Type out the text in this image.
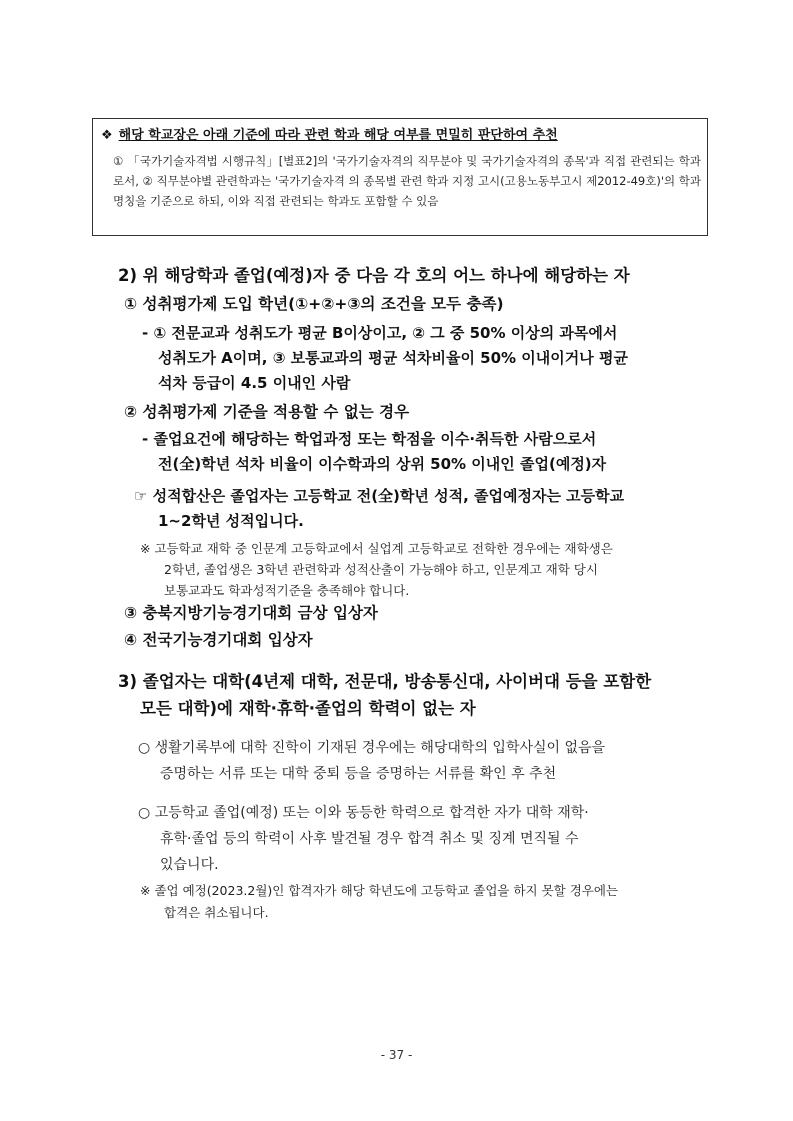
❖ 해당 학교장은 아래 기준에 따라 관련 학과 해당 여부를 면밀히 판단하여 추천
① 「국가기술자격법 시행규칙」[별표2]의 '국가기술자격의 직무분야 및 국가기술자격의 종목'과 직접 관련되는 학과로서, ② 직무분야별 관련학과는 '국가기술자격 의 종목별 관련 학과 지정 고시(고용노동부고시 제2012-49호)'의 학과 명칭을 기준으로 하되, 이와 직접 관련되는 학과도 포함할 수 있음
2) 위 해당학과 졸업(예정)자 중 다음 각 호의 어느 하나에 해당하는 자
① 성취평가제 도입 학년(①+②+③의 조건을 모두 충족)
- ① 전문교과 성취도가 평균 B이상이고, ② 그 중 50% 이상의 과목에서
성취도가 A이며, ③ 보통교과의 평균 석차비율이 50% 이내이거나 평균
석차 등급이 4.5 이내인 사람
② 성취평가제 기준을 적용할 수 없는 경우
- 졸업요건에 해당하는 학업과정 또는 학점을 이수·취득한 사람으로서
전(全)학년 석차 비율이 이수학과의 상위 50% 이내인 졸업(예정)자
☞ 성적합산은 졸업자는 고등학교 전(全)학년 성적, 졸업예정자는 고등학교
1~2학년 성적입니다.
※ 고등학교 재학 중 인문계 고등학교에서 실업계 고등학교로 전학한 경우에는 재학생은
2학년, 졸업생은 3학년 관련학과 성적산출이 가능해야 하고, 인문계고 재학 당시
보통교과도 학과성적기준을 충족해야 합니다.
③ 충북지방기능경기대회 금상 입상자
④ 전국기능경기대회 입상자
3) 졸업자는 대학(4년제 대학, 전문대, 방송통신대, 사이버대 등을 포함한
모든 대학)에 재학·휴학·졸업의 학력이 없는 자
○ 생활기록부에 대학 진학이 기재된 경우에는 해당대학의 입학사실이 없음을
증명하는 서류 또는 대학 중퇴 등을 증명하는 서류를 확인 후 추천
○ 고등학교 졸업(예정) 또는 이와 동등한 학력으로 합격한 자가 대학 재학·
휴학·졸업 등의 학력이 사후 발견될 경우 합격 취소 및 징계 면직될 수
있습니다.
※ 졸업 예정(2023.2월)인 합격자가 해당 학년도에 고등학교 졸업을 하지 못할 경우에는
합격은 취소됩니다.
- 37 -
